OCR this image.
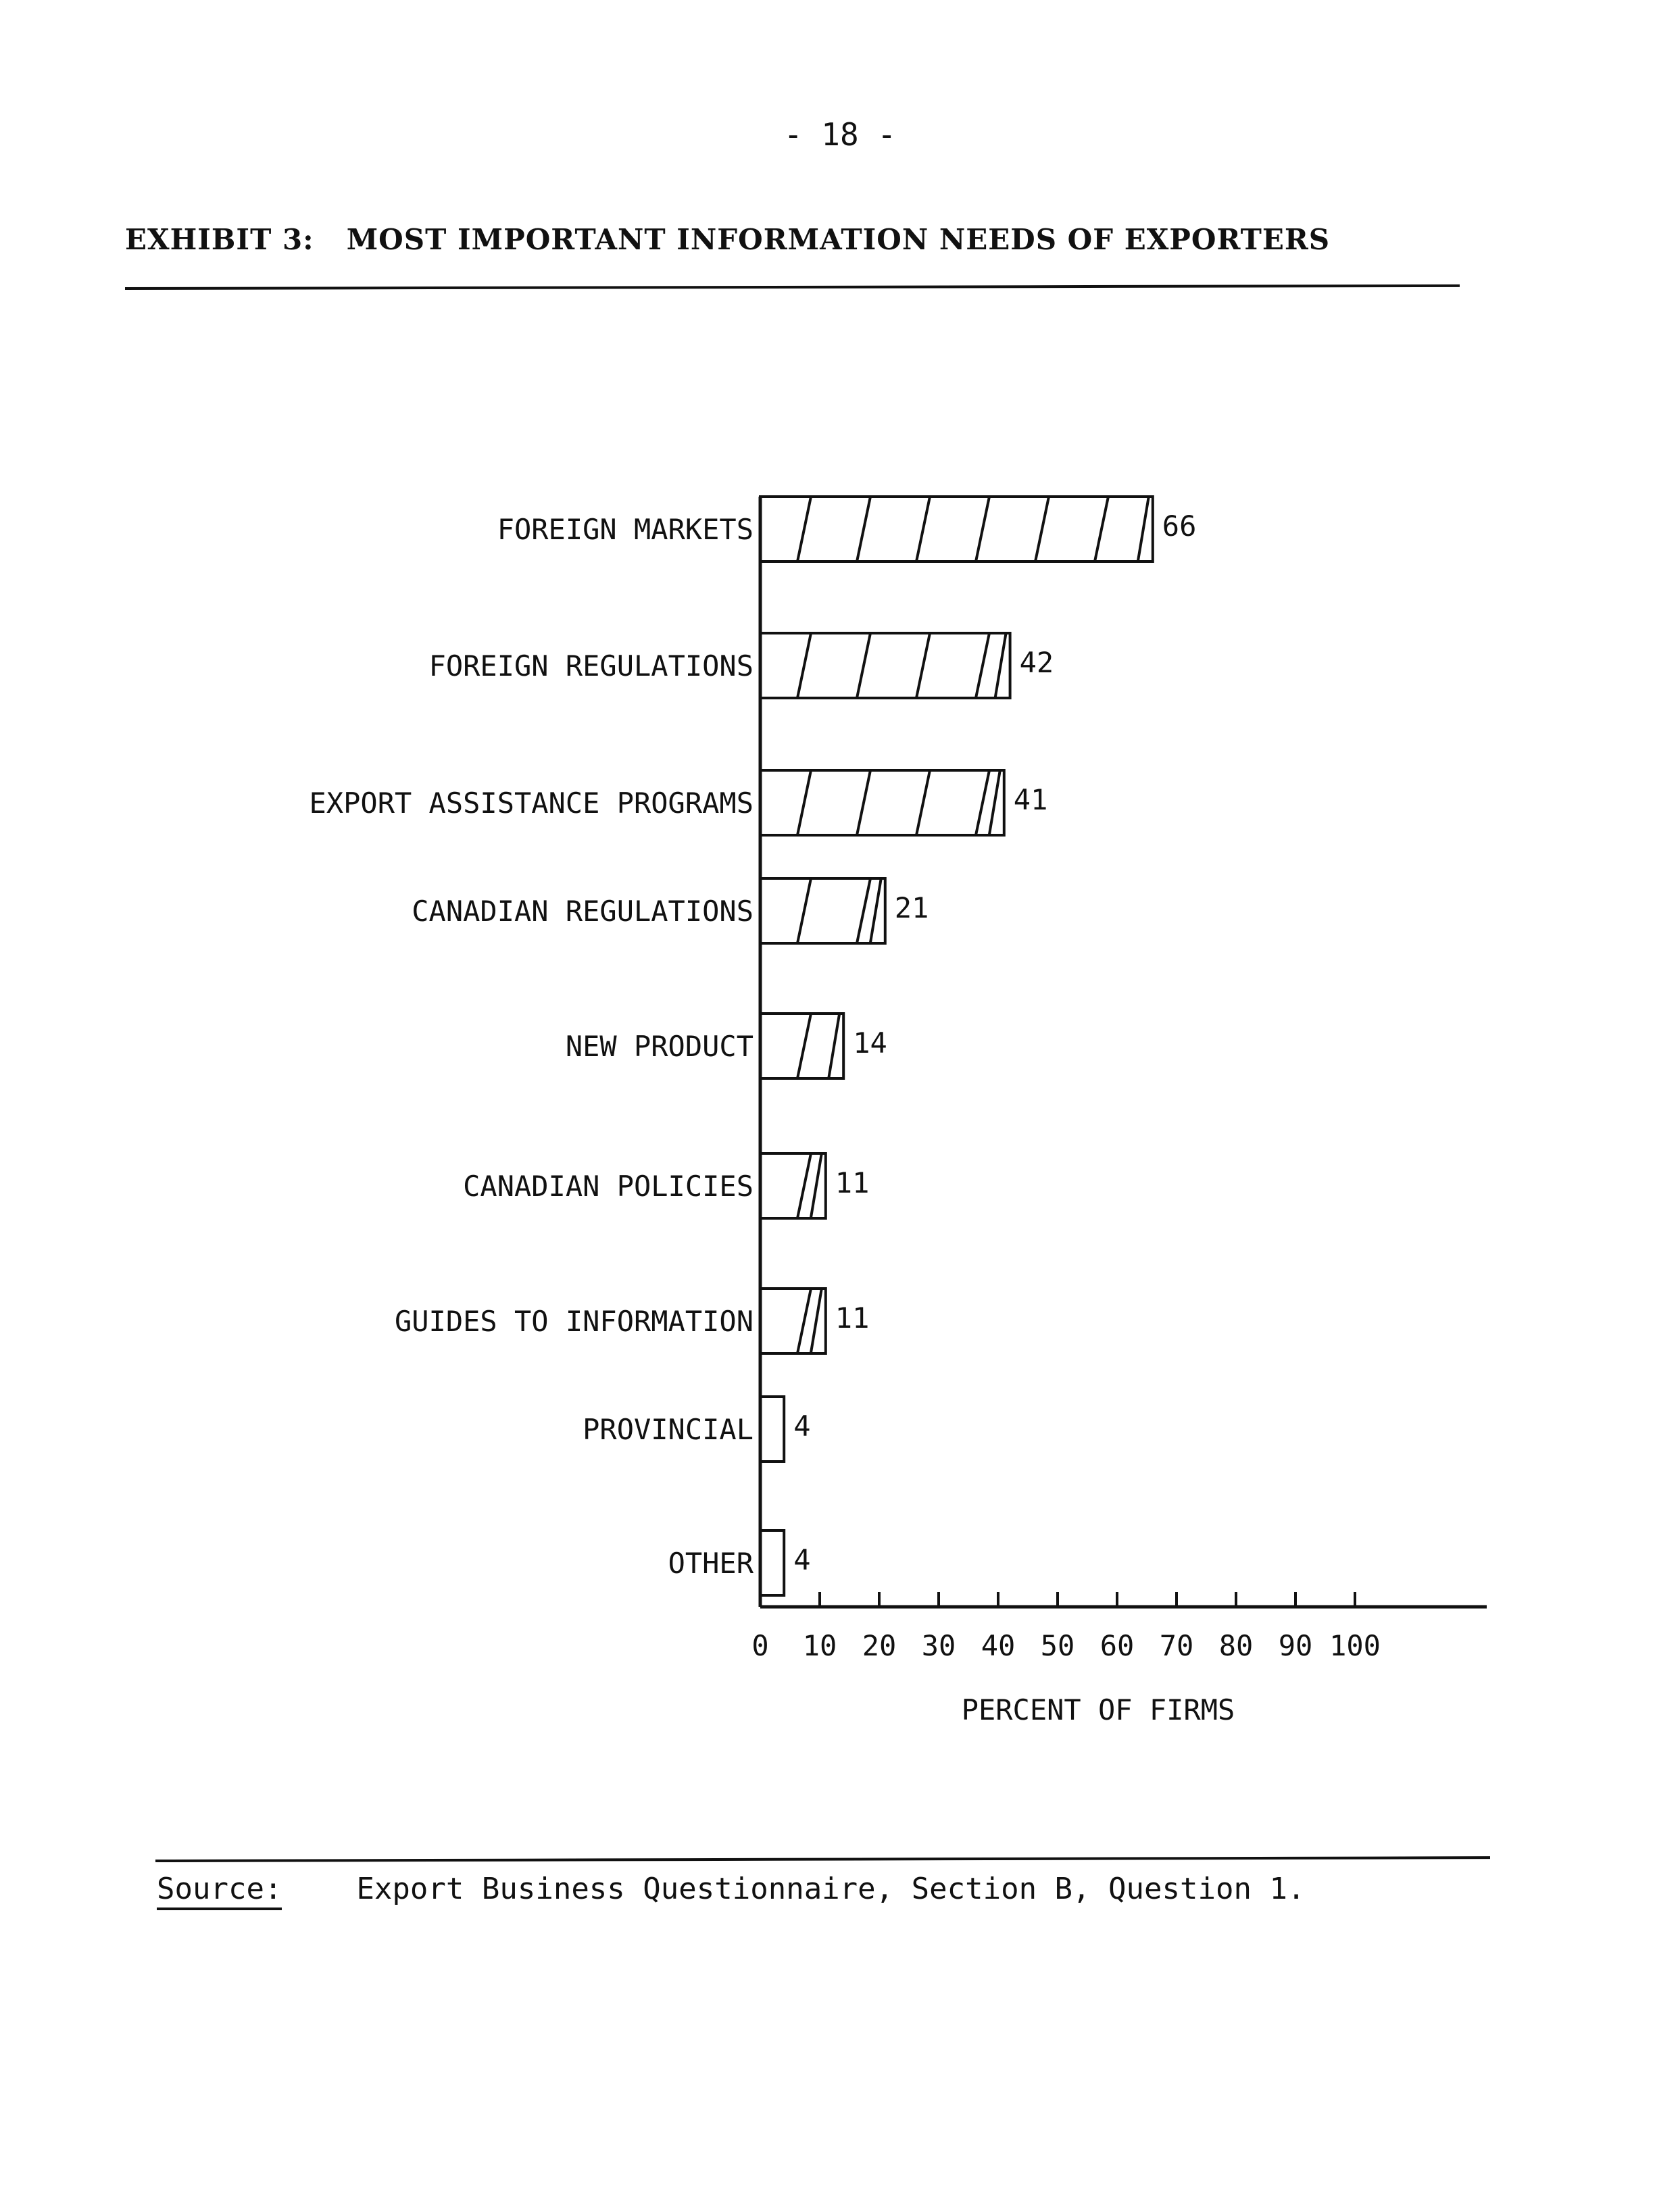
- 18 -
EXHIBIT 3: MOST IMPORTANT INFORMATION NEEDS OF EXPORTERS
FOREIGN MARKETS	66
FOREIGN REGULATIONS	42
EXPORT ASSISTANCE PROGRAMS	41
CANADIAN REGULATIONS	21
NEW PRODUCT	14
CANADIAN POLICIES	11
GUIDES TO INFORMATION	11
PROVINCIAL 4
OTHER 4
0 10 20 30 40 50 60 70 80 90 100
PERCENT OF FIRMS
Source:	Export Business Questionnaire, Section B, Question 1.
